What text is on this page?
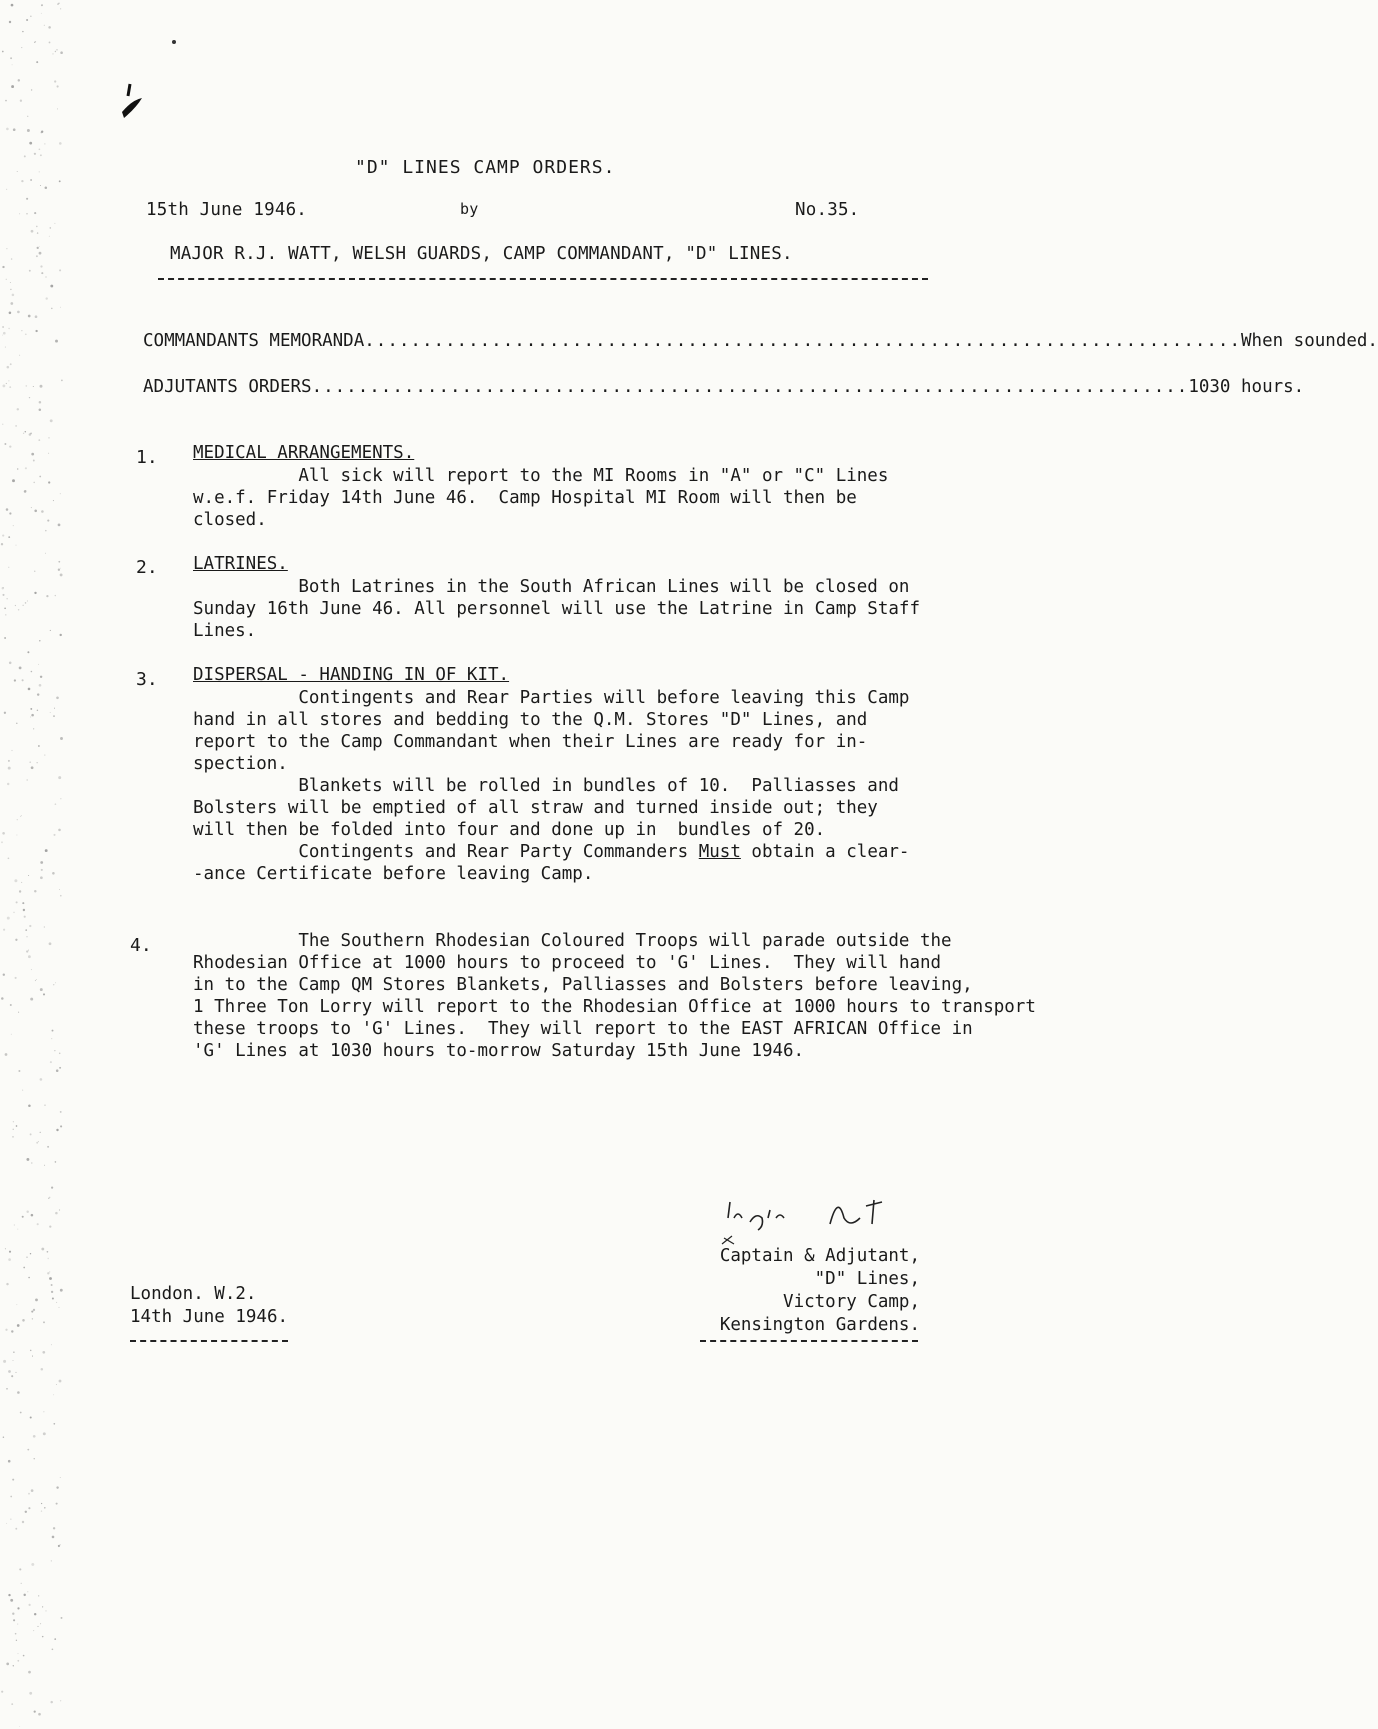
"D" LINES CAMP ORDERS.
15th June 1946.	by	No.35.
MAJOR R.J. WATT, WELSH GUARDS, CAMP COMMANDANT, "D" LINES.
COMMANDANTS MEMORANDA ............................................................................ When sounded.
ADJUTANTS ORDERS ............................................................................ 1030 hours.
1. MEDICAL ARRANGEMENTS.
All sick will report to the MI Rooms in "A" or "C" Lines
w.e.f. Friday 14th June 46.  Camp Hospital MI Room will then be
closed.
2. LATRINES.
Both Latrines in the South African Lines will be closed on
Sunday 16th June 46. All personnel will use the Latrine in Camp Staff
Lines.
3. DISPERSAL - HANDING IN OF KIT.
Contingents and Rear Parties will before leaving this Camp
hand in all stores and bedding to the Q.M. Stores "D" Lines, and
report to the Camp Commandant when their Lines are ready for in-
spection.
Blankets will be rolled in bundles of 10.  Palliasses and
Bolsters will be emptied of all straw and turned inside out; they
will then be folded into four and done up in  bundles of 20.
Contingents and Rear Party Commanders Must obtain a clear-
-ance Certificate before leaving Camp.
4.	The Southern Rhodesian Coloured Troops will parade outside the
Rhodesian Office at 1000 hours to proceed to 'G' Lines.  They will hand
in to the Camp QM Stores Blankets, Palliasses and Bolsters before leaving,
1 Three Ton Lorry will report to the Rhodesian Office at 1000 hours to transport
these troops to 'G' Lines.  They will report to the EAST AFRICAN Office in
'G' Lines at 1030 hours to-morrow Saturday 15th June 1946.
Captain & Adjutant,
"D" Lines,
Victory Camp,
Kensington Gardens.
London. W.2.
14th June 1946.
